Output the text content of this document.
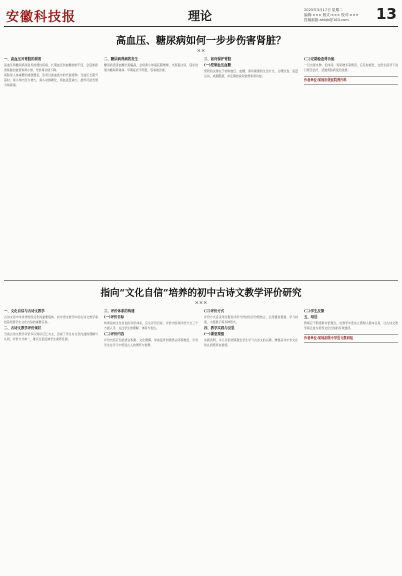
安徽科技报	理论	2025年3月17日 星期二
编辑:××× 版式:××× 校对:×××
投稿邮箱:ahkjb@163.com	13
高血压、糖尿病如何一步步伤害肾脏？
××
一、高血压对肾脏的损害

高血压和糖尿病是常见的慢性疾病，长期血压和血糖控制不佳，会逐渐损害肾脏的血管和肾小球，导致肾功能下降。

肾脏是人体重要的排泄器官，负责过滤血液中的代谢废物。当血压长期升高时，肾小球内压力增大，肾小动脉硬化，肾血流量减少，最终可能发展为肾衰竭。

二、糖尿病肾病的发生

糖尿病患者血糖长期偏高，会使肾小球基底膜增厚，出现蛋白尿，逐步进展为糖尿病肾病。早期症状不明显，容易被忽视。

三、如何保护肾脏
(一)控制血压血糖

预防的关键在于控制血压、血糖，保持健康的生活方式，合理饮食，适量运动，戒烟限酒，并定期检查尿常规和肾功能。

(二)定期检查肾功能

一旦出现水肿、泡沫尿、夜尿增多等情况，应及时就医，在医生指导下进行规范治疗，延缓肾脏病变的进展。

作者单位:某地市级医院肾内科
指向“文化自信”培养的初中古诗文教学评价研究
×××
一、文化自信与古诗文教学

古诗文是中华优秀传统文化的重要载体，初中语文教学中的古诗文教学承担着培养学生文化自信的重要任务。

二、古诗文教学评价现状

当前古诗文教学评价多以知识记忆为主，忽视了学生对文化内涵的理解与认同，评价方式单一，难以全面反映学生素养发展。

三、评价体系的构建
(一)评价目标

构建指向文化自信的评价体系，应从评价目标、评价内容和评价方式三个方面入手，关注学生的理解、体验与表达。

(二)评价内容

评价内容应包括语言积累、文化理解、审美鉴赏和情感认同等维度，引导学生在学习中感受古人的情怀与智慧。

(三)评价方式

评价方式宜采用过程性评价与终结性评价相结合，运用课堂观察、学习档案、小组展示等多种形式。

四、教学实践与反思
(一)课堂观察

实践表明，多元评价能够激发学生学习古诗文的兴趣，增强其对中华文化的认同感和自豪感。

(二)学生反馈
五、结语

教师应不断更新评价理念，在教学中落实立德树人根本任务，让古诗文教学真正成为培养文化自信的有效途径。

作者单位:某地初级中学语文教研组
